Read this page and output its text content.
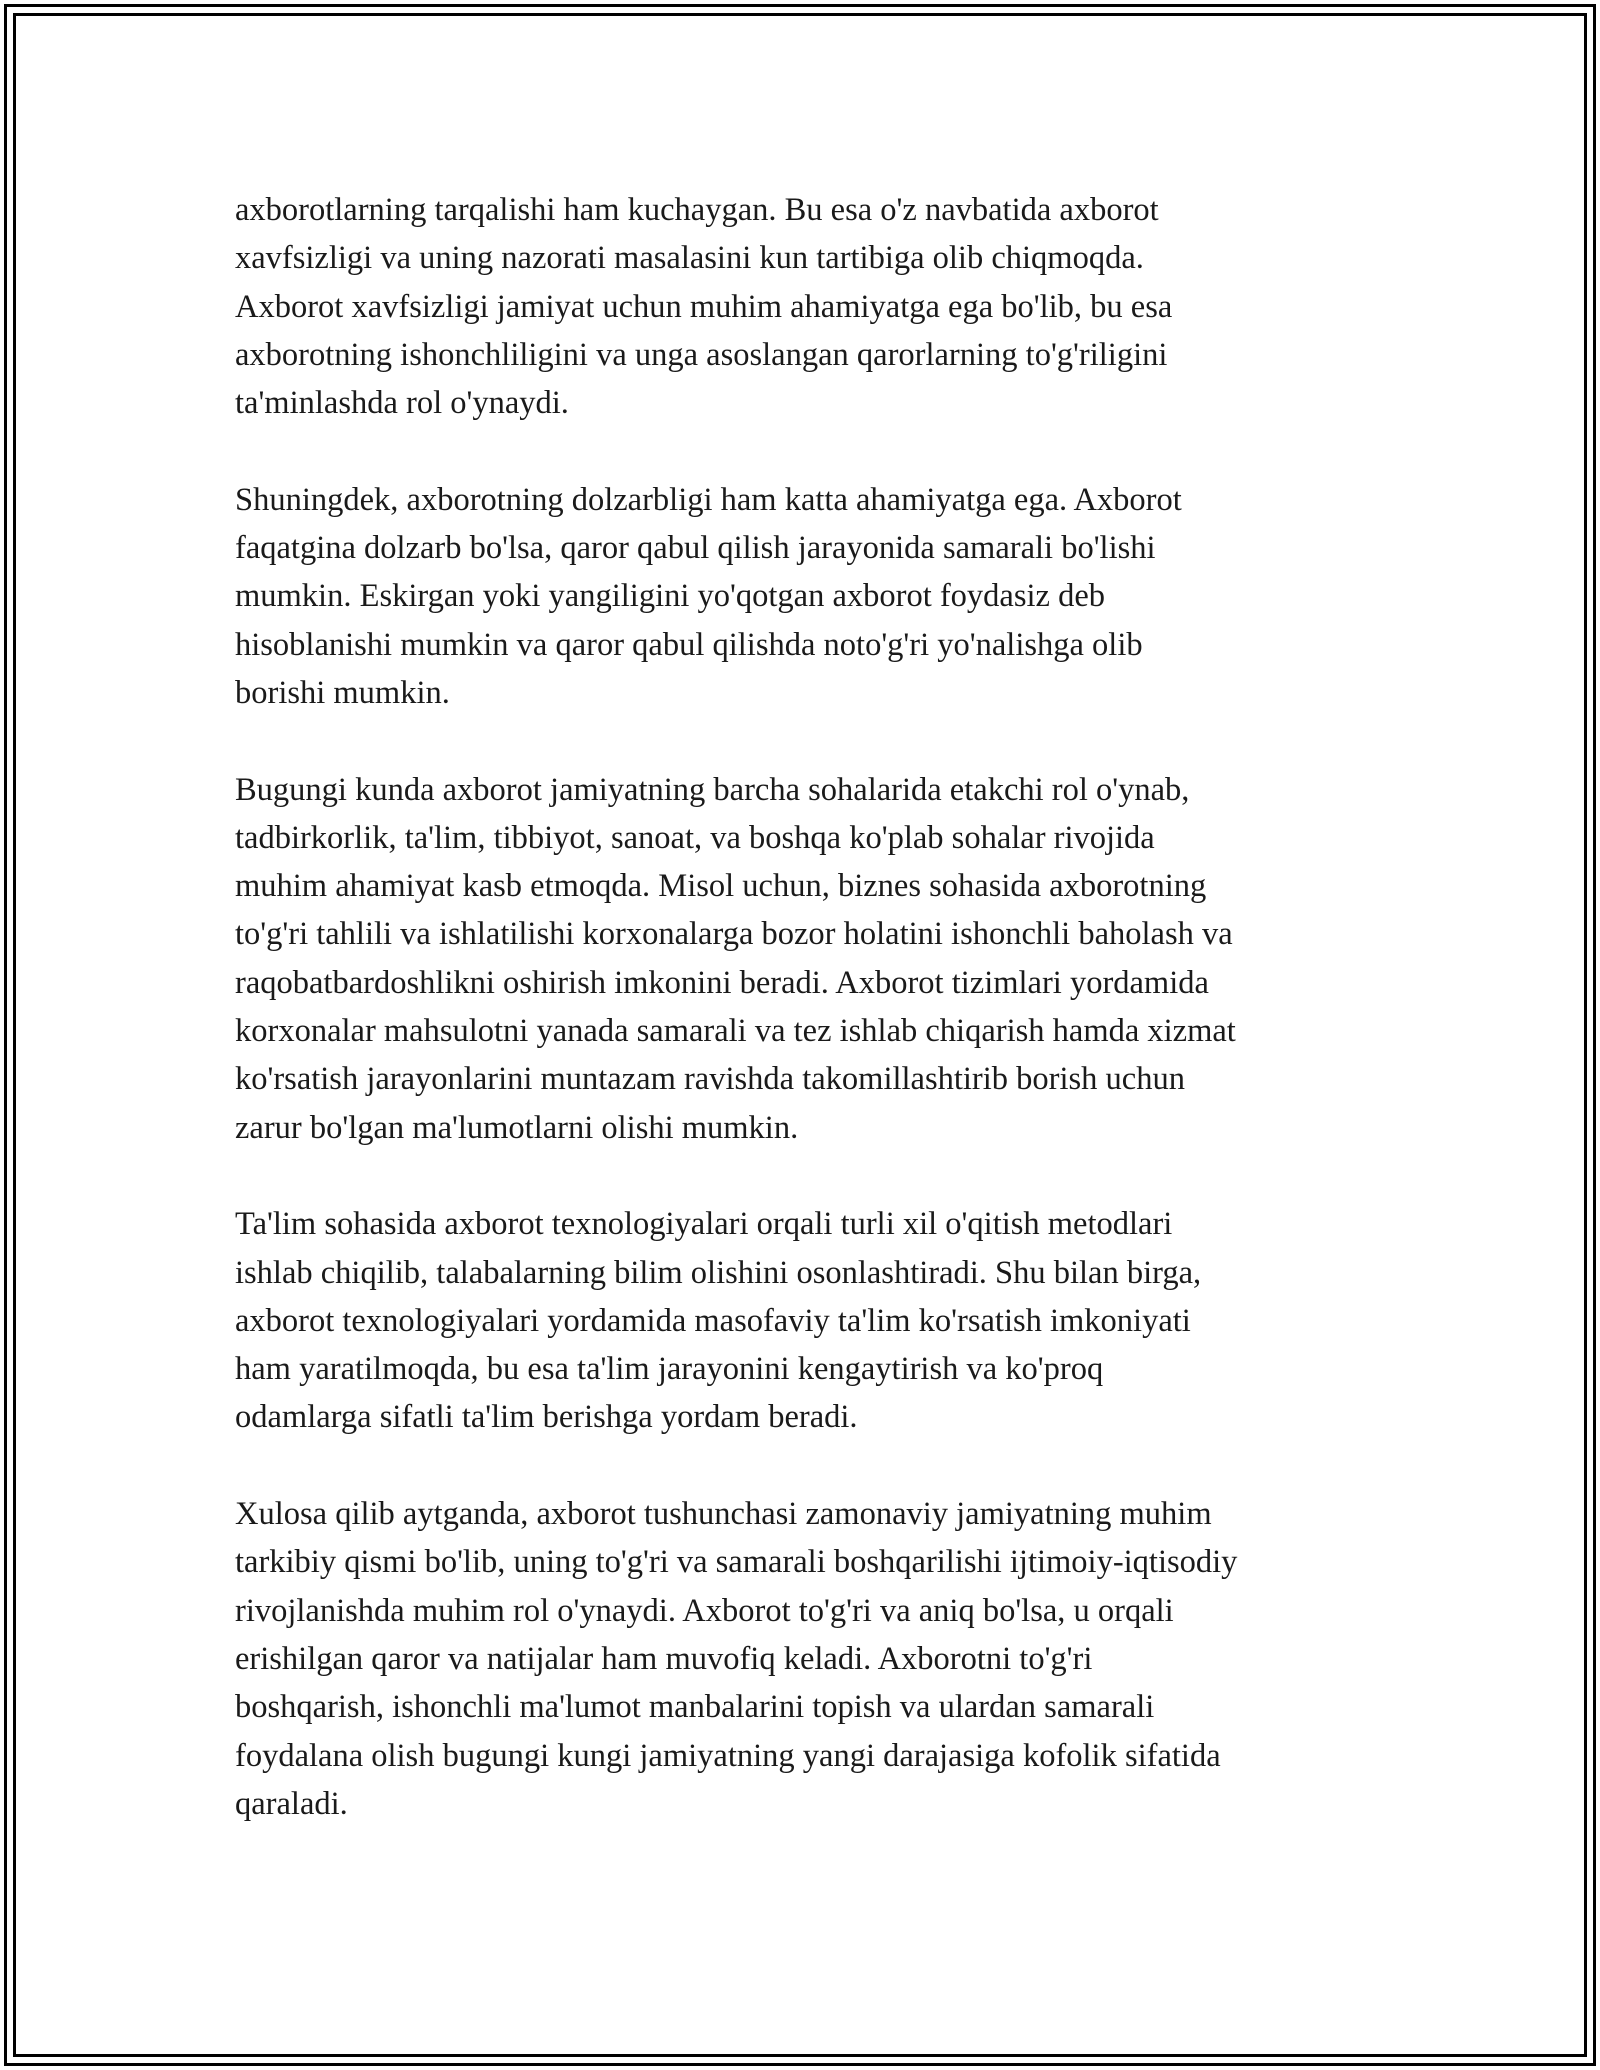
axborotlarning tarqalishi ham kuchaygan. Bu esa o'z navbatida axborot
xavfsizligi va uning nazorati masalasini kun tartibiga olib chiqmoqda.
Axborot xavfsizligi jamiyat uchun muhim ahamiyatga ega bo'lib, bu esa
axborotning ishonchliligini va unga asoslangan qarorlarning to'g'riligini
ta'minlashda rol o'ynaydi.

Shuningdek, axborotning dolzarbligi ham katta ahamiyatga ega. Axborot
faqatgina dolzarb bo'lsa, qaror qabul qilish jarayonida samarali bo'lishi
mumkin. Eskirgan yoki yangiligini yo'qotgan axborot foydasiz deb
hisoblanishi mumkin va qaror qabul qilishda noto'g'ri yo'nalishga olib
borishi mumkin.

Bugungi kunda axborot jamiyatning barcha sohalarida etakchi rol o'ynab,
tadbirkorlik, ta'lim, tibbiyot, sanoat, va boshqa ko'plab sohalar rivojida
muhim ahamiyat kasb etmoqda. Misol uchun, biznes sohasida axborotning
to'g'ri tahlili va ishlatilishi korxonalarga bozor holatini ishonchli baholash va
raqobatbardoshlikni oshirish imkonini beradi. Axborot tizimlari yordamida
korxonalar mahsulotni yanada samarali va tez ishlab chiqarish hamda xizmat
ko'rsatish jarayonlarini muntazam ravishda takomillashtirib borish uchun
zarur bo'lgan ma'lumotlarni olishi mumkin.

Ta'lim sohasida axborot texnologiyalari orqali turli xil o'qitish metodlari
ishlab chiqilib, talabalarning bilim olishini osonlashtiradi. Shu bilan birga,
axborot texnologiyalari yordamida masofaviy ta'lim ko'rsatish imkoniyati
ham yaratilmoqda, bu esa ta'lim jarayonini kengaytirish va ko'proq
odamlarga sifatli ta'lim berishga yordam beradi.

Xulosa qilib aytganda, axborot tushunchasi zamonaviy jamiyatning muhim
tarkibiy qismi bo'lib, uning to'g'ri va samarali boshqarilishi ijtimoiy-iqtisodiy
rivojlanishda muhim rol o'ynaydi. Axborot to'g'ri va aniq bo'lsa, u orqali
erishilgan qaror va natijalar ham muvofiq keladi. Axborotni to'g'ri
boshqarish, ishonchli ma'lumot manbalarini topish va ulardan samarali
foydalana olish bugungi kungi jamiyatning yangi darajasiga kofolik sifatida
qaraladi.
